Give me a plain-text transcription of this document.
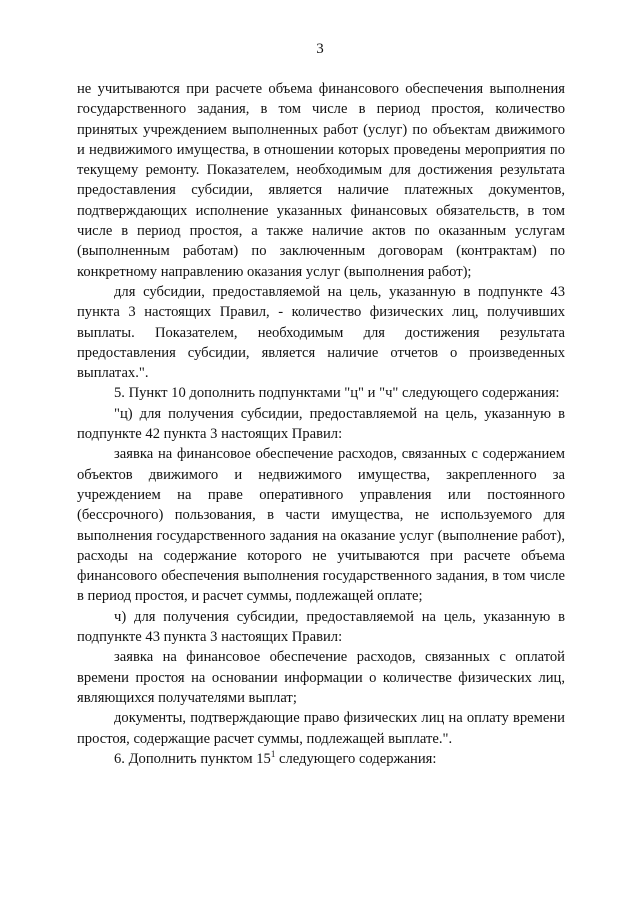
3

не учитываются при расчете объема финансового обеспечения выполнения государственного задания, в том числе в период простоя, количество принятых учреждением выполненных работ (услуг) по объектам движимого и недвижимого имущества, в отношении которых проведены мероприятия по текущему ремонту. Показателем, необходимым для достижения результата предоставления субсидии, является наличие платежных документов, подтверждающих исполнение указанных финансовых обязательств, в том числе в период простоя, а также наличие актов по оказанным услугам (выполненным работам) по заключенным договорам (контрактам) по конкретному направлению оказания услуг (выполнения работ);

для субсидии, предоставляемой на цель, указанную в подпункте 43 пункта 3 настоящих Правил, - количество физических лиц, получивших выплаты. Показателем, необходимым для достижения результата предоставления субсидии, является наличие отчетов о произведенных выплатах.".

5. Пункт 10 дополнить подпунктами "ц" и "ч" следующего содержания:

"ц) для получения субсидии, предоставляемой на цель, указанную в подпункте 42 пункта 3 настоящих Правил:

заявка на финансовое обеспечение расходов, связанных с содержанием объектов движимого и недвижимого имущества, закрепленного за учреждением на праве оперативного управления или постоянного (бессрочного) пользования, в части имущества, не используемого для выполнения государственного задания на оказание услуг (выполнение работ), расходы на содержание которого не учитываются при расчете объема финансового обеспечения выполнения государственного задания, в том числе в период простоя, и расчет суммы, подлежащей оплате;

ч) для получения субсидии, предоставляемой на цель, указанную в подпункте 43 пункта 3 настоящих Правил:

заявка на финансовое обеспечение расходов, связанных с оплатой времени простоя на основании информации о количестве физических лиц, являющихся получателями выплат;

документы, подтверждающие право физических лиц на оплату времени простоя, содержащие расчет суммы, подлежащей выплате.".

6. Дополнить пунктом $15^1$ следующего содержания:
